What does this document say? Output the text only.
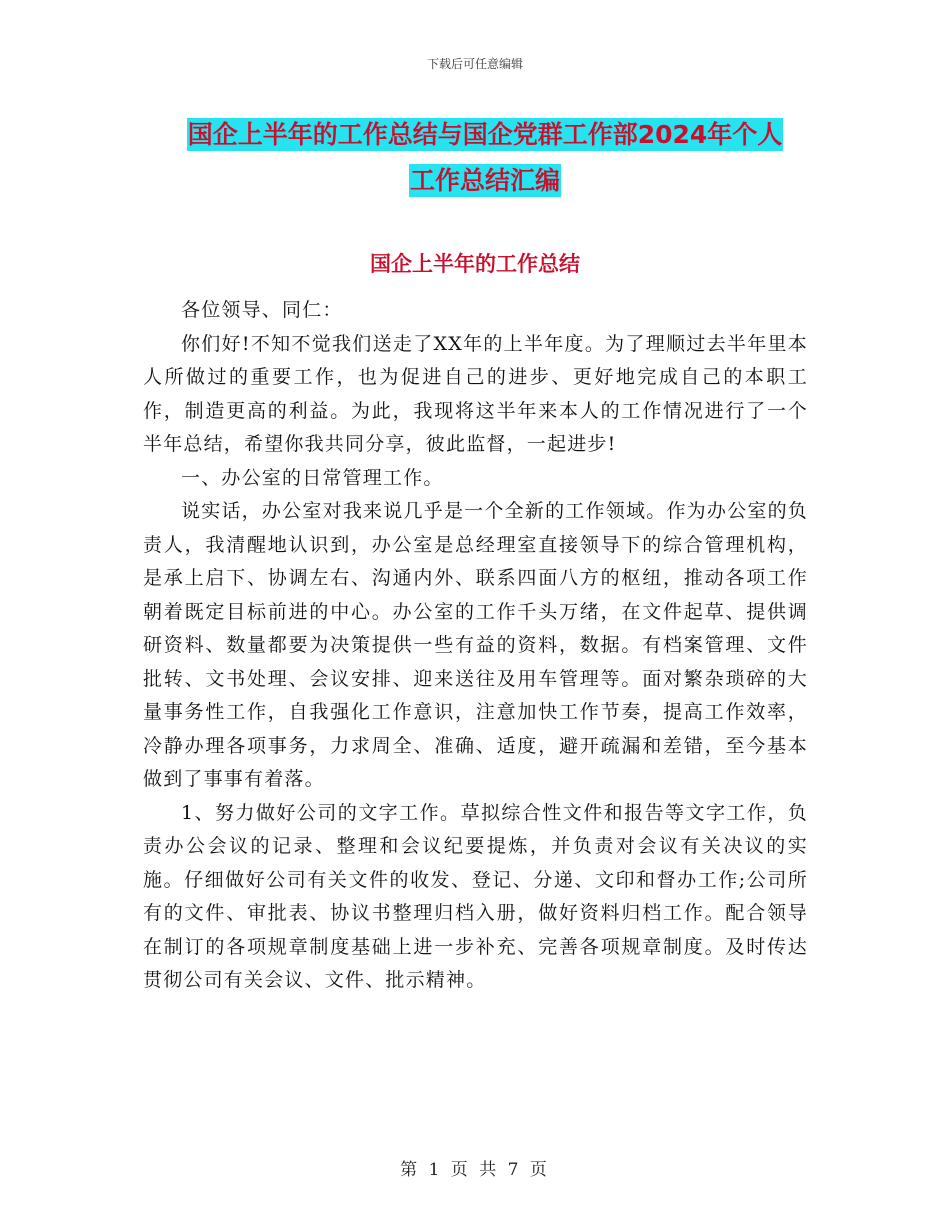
下载后可任意编辑
国企上半年的工作总结与国企党群工作部2024年个人
工作总结汇编
国企上半年的工作总结

各位领导、同仁：

你们好!不知不觉我们送走了XX年的上半年度。为了理顺过去半年里本人所做过的重要工作，也为促进自己的进步、更好地完成自己的本职工作，制造更高的利益。为此，我现将这半年来本人的工作情况进行了一个半年总结，希望你我共同分享，彼此监督，一起进步!

一、办公室的日常管理工作。

说实话，办公室对我来说几乎是一个全新的工作领域。作为办公室的负责人，我清醒地认识到，办公室是总经理室直接领导下的综合管理机构，是承上启下、协调左右、沟通内外、联系四面八方的枢纽，推动各项工作朝着既定目标前进的中心。办公室的工作千头万绪，在文件起草、提供调研资料、数量都要为决策提供一些有益的资料，数据。有档案管理、文件批转、文书处理、会议安排、迎来送往及用车管理等。面对繁杂琐碎的大量事务性工作，自我强化工作意识，注意加快工作节奏，提高工作效率，冷静办理各项事务，力求周全、准确、适度，避开疏漏和差错，至今基本做到了事事有着落。

1、努力做好公司的文字工作。草拟综合性文件和报告等文字工作，负责办公会议的记录、整理和会议纪要提炼，并负责对会议有关决议的实施。仔细做好公司有关文件的收发、登记、分递、文印和督办工作;公司所有的文件、审批表、协议书整理归档入册，做好资料归档工作。配合领导在制订的各项规章制度基础上进一步补充、完善各项规章制度。及时传达贯彻公司有关会议、文件、批示精神。

第 1 页 共 7 页
